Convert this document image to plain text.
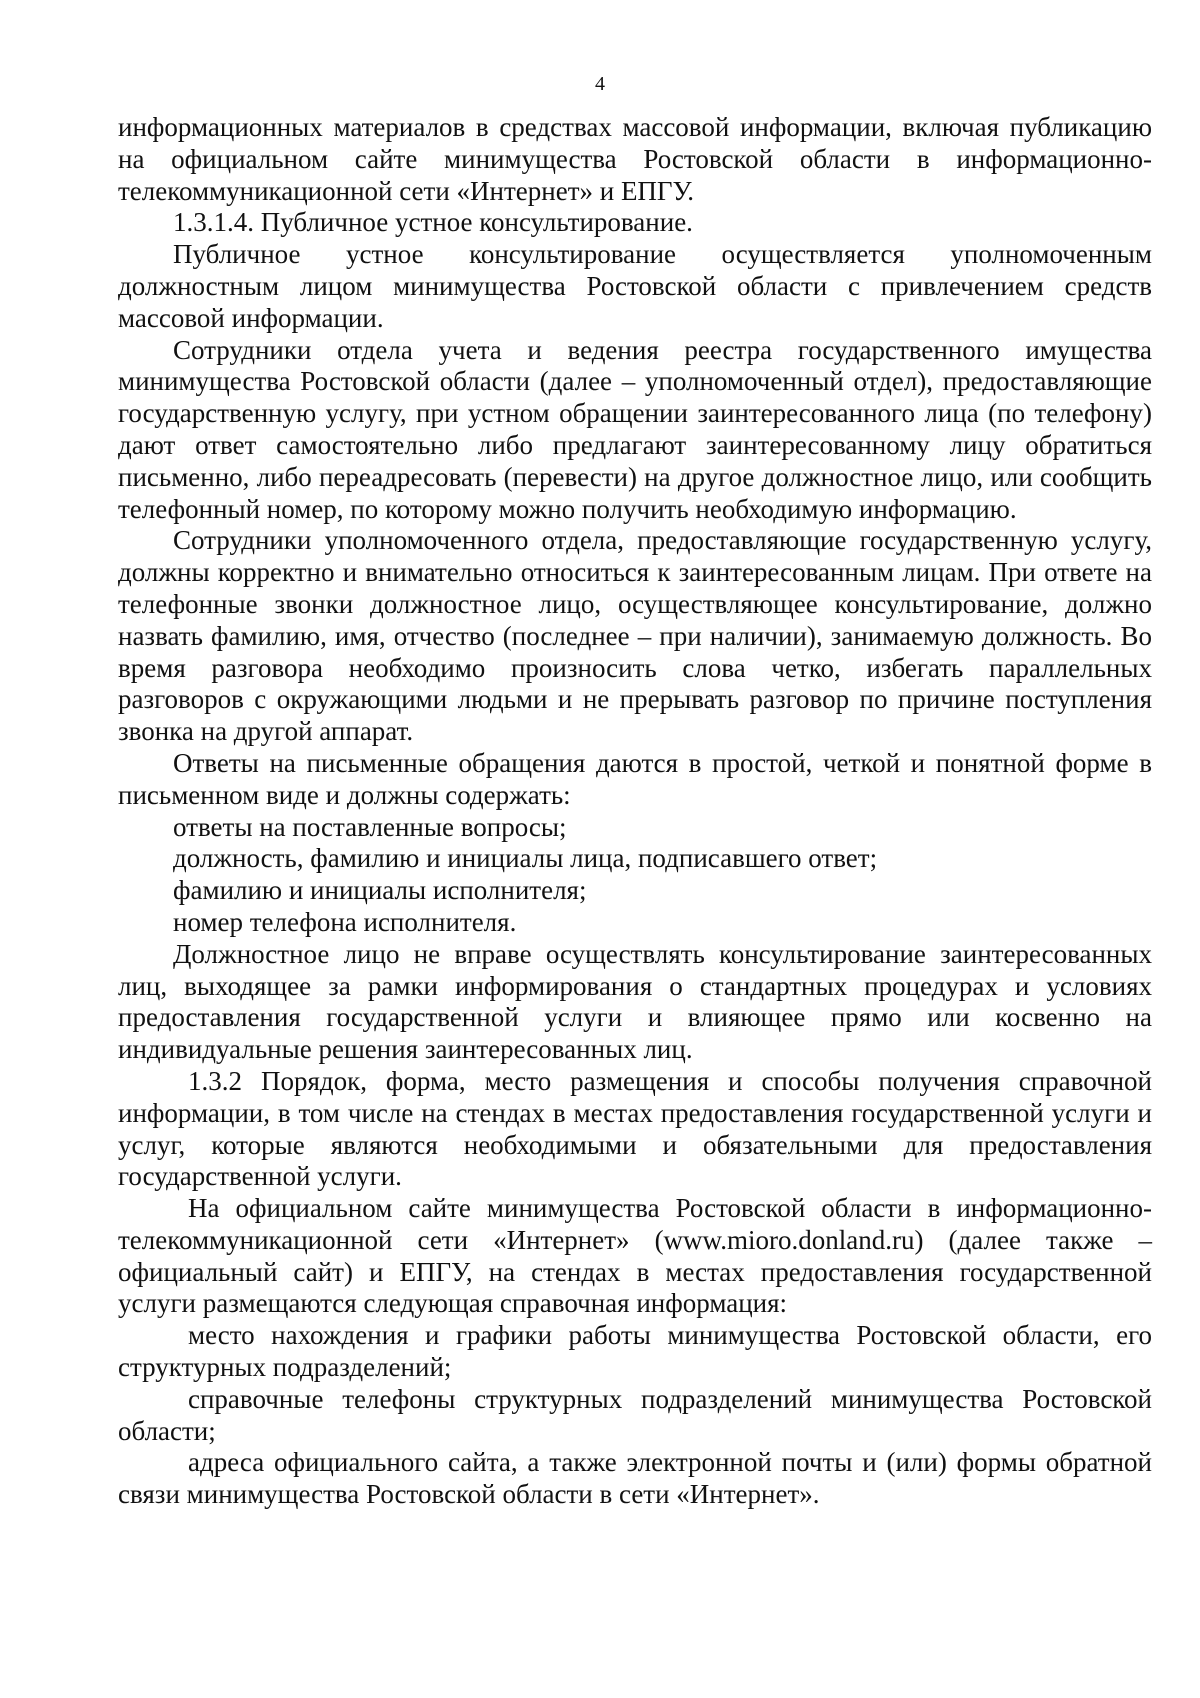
4

информационных материалов в средствах массовой информации, включая публикацию на официальном сайте минимущества Ростовской области в информационно-телекоммуникационной сети «Интернет» и ЕПГУ.

1.3.1.4. Публичное устное консультирование.

Публичное устное консультирование осуществляется уполномоченным должностным лицом минимущества Ростовской области с привлечением средств массовой информации.

Сотрудники отдела учета и ведения реестра государственного имущества минимущества Ростовской области (далее – уполномоченный отдел), предоставляющие государственную услугу, при устном обращении заинтересованного лица (по телефону) дают ответ самостоятельно либо предлагают заинтересованному лицу обратиться письменно, либо переадресовать (перевести) на другое должностное лицо, или сообщить телефонный номер, по которому можно получить необходимую информацию.

Сотрудники уполномоченного отдела, предоставляющие государственную услугу, должны корректно и внимательно относиться к заинтересованным лицам. При ответе на телефонные звонки должностное лицо, осуществляющее консультирование, должно назвать фамилию, имя, отчество (последнее – при наличии), занимаемую должность. Во время разговора необходимо произносить слова четко, избегать параллельных разговоров с окружающими людьми и не прерывать разговор по причине поступления звонка на другой аппарат.

Ответы на письменные обращения даются в простой, четкой и понятной форме в письменном виде и должны содержать:

ответы на поставленные вопросы;

должность, фамилию и инициалы лица, подписавшего ответ;

фамилию и инициалы исполнителя;

номер телефона исполнителя.

Должностное лицо не вправе осуществлять консультирование заинтересованных лиц, выходящее за рамки информирования о стандартных процедурах и условиях предоставления государственной услуги и влияющее прямо или косвенно на индивидуальные решения заинтересованных лиц.

1.3.2 Порядок, форма, место размещения и способы получения справочной информации, в том числе на стендах в местах предоставления государственной услуги и услуг, которые являются необходимыми и обязательными для предоставления государственной услуги.

На официальном сайте минимущества Ростовской области в информационно-телекоммуникационной сети «Интернет» (www.mioro.donland.ru) (далее также – официальный сайт) и ЕПГУ, на стендах в местах предоставления государственной услуги размещаются следующая справочная информация:

место нахождения и графики работы минимущества Ростовской области, его структурных подразделений;

справочные телефоны структурных подразделений минимущества Ростовской области;

адреса официального сайта, а также электронной почты и (или) формы обратной связи минимущества Ростовской области в сети «Интернет».
